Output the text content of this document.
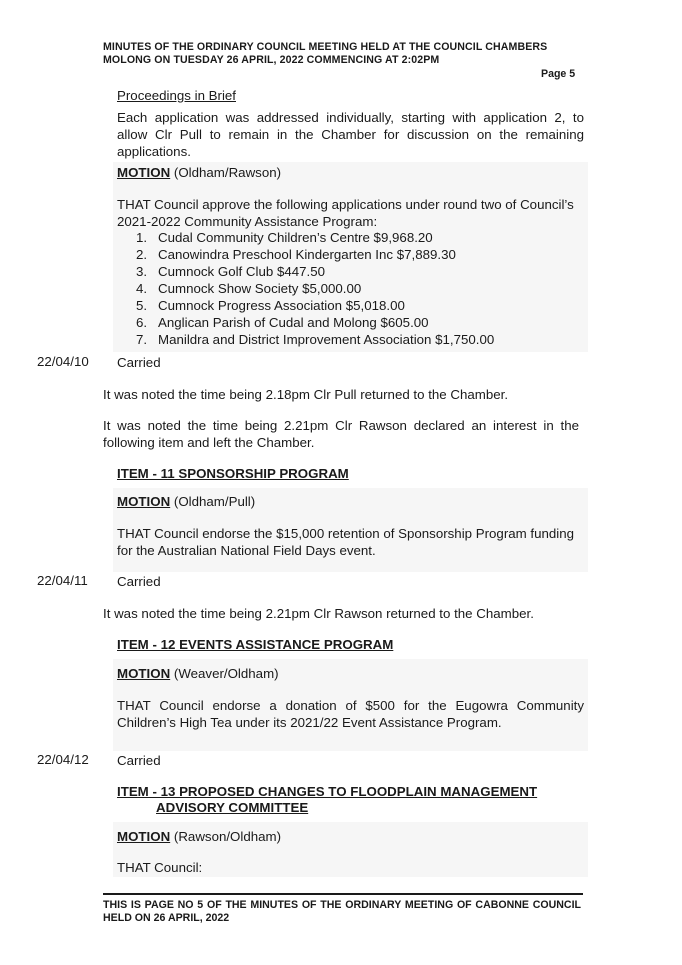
MINUTES OF THE ORDINARY COUNCIL MEETING HELD AT THE COUNCIL CHAMBERS
MOLONG ON TUESDAY 26 APRIL, 2022 COMMENCING AT 2:02PM
Page 5
Proceedings in Brief
Each application was addressed individually, starting with application 2, to allow Clr Pull to remain in the Chamber for discussion on the remaining applications.
MOTION (Oldham/Rawson)
THAT Council approve the following applications under round two of Council’s 2021-2022 Community Assistance Program:
1. Cudal Community Children’s Centre $9,968.20
2. Canowindra Preschool Kindergarten Inc $7,889.30
3. Cumnock Golf Club $447.50
4. Cumnock Show Society $5,000.00
5. Cumnock Progress Association $5,018.00
6. Anglican Parish of Cudal and Molong $605.00
7. Manildra and District Improvement Association $1,750.00
22/04/10 Carried
It was noted the time being 2.18pm Clr Pull returned to the Chamber.
It was noted the time being 2.21pm Clr Rawson declared an interest in the following item and left the Chamber.
ITEM - 11 SPONSORSHIP PROGRAM
MOTION (Oldham/Pull)
THAT Council endorse the $15,000 retention of Sponsorship Program funding for the Australian National Field Days event.
22/04/11 Carried
It was noted the time being 2.21pm Clr Rawson returned to the Chamber.
ITEM - 12 EVENTS ASSISTANCE PROGRAM
MOTION (Weaver/Oldham)
THAT Council endorse a donation of $500 for the Eugowra Community Children’s High Tea under its 2021/22 Event Assistance Program.
22/04/12 Carried
ITEM - 13 PROPOSED CHANGES TO FLOODPLAIN MANAGEMENT
ADVISORY COMMITTEE
MOTION (Rawson/Oldham)
THAT Council:
THIS IS PAGE NO 5 OF THE MINUTES OF THE ORDINARY MEETING OF CABONNE COUNCIL HELD ON 26 APRIL, 2022
